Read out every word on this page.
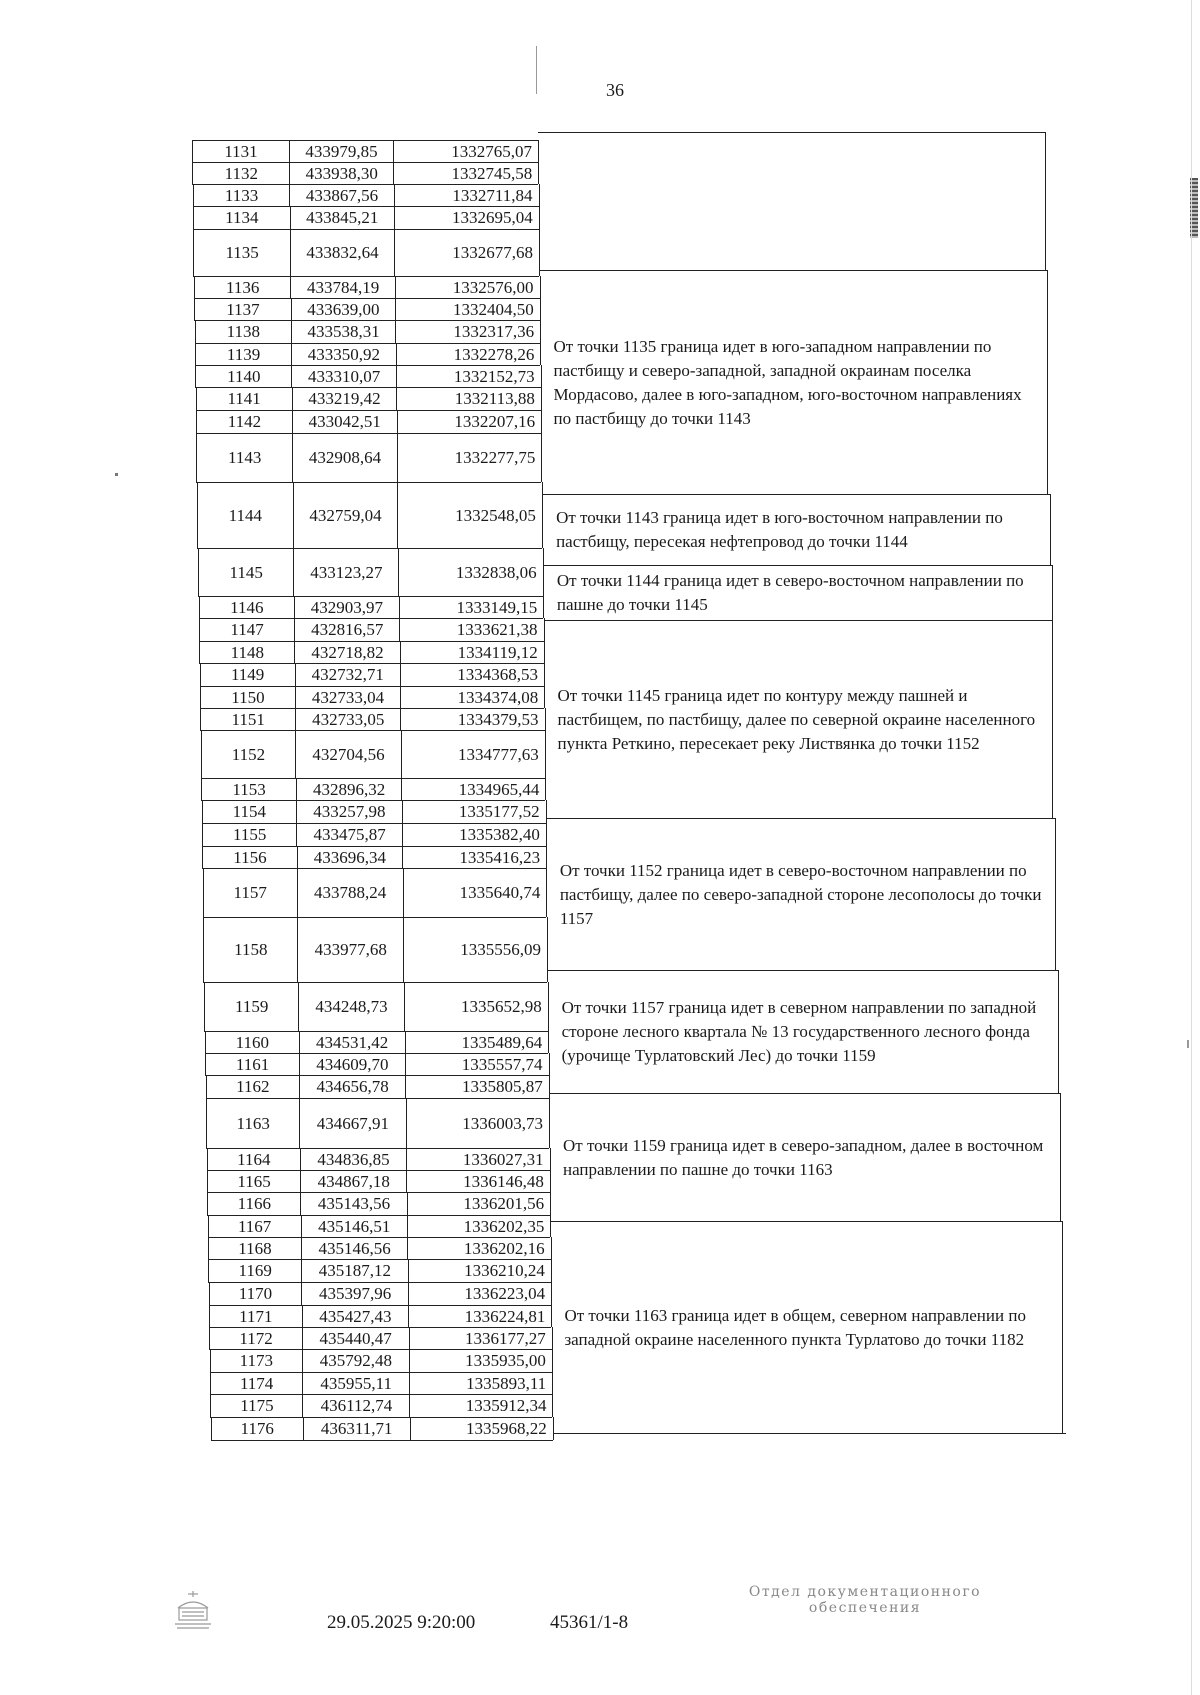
36
1131	433979,85	1332765,07
1132	433938,30	1332745,58
1133	433867,56	1332711,84
1134	433845,21	1332695,04
1135	433832,64	1332677,68
1136	433784,19	1332576,00
1137	433639,00	1332404,50
1138	433538,31	1332317,36
1139	433350,92	1332278,26
1140	433310,07	1332152,73
1141	433219,42	1332113,88
1142	433042,51	1332207,16
1143	432908,64	1332277,75
1144	432759,04	1332548,05
1145	433123,27	1332838,06
1146	432903,97	1333149,15
1147	432816,57	1333621,38
1148	432718,82	1334119,12
1149	432732,71	1334368,53
1150	432733,04	1334374,08
1151	432733,05	1334379,53
1152	432704,56	1334777,63
1153	432896,32	1334965,44
1154	433257,98	1335177,52
1155	433475,87	1335382,40
1156	433696,34	1335416,23
1157	433788,24	1335640,74
1158	433977,68	1335556,09
1159	434248,73	1335652,98
1160	434531,42	1335489,64
1161	434609,70	1335557,74
1162	434656,78	1335805,87
1163	434667,91	1336003,73
1164	434836,85	1336027,31
1165	434867,18	1336146,48
1166	435143,56	1336201,56
1167	435146,51	1336202,35
1168	435146,56	1336202,16
1169	435187,12	1336210,24
1170	435397,96	1336223,04
1171	435427,43	1336224,81
1172	435440,47	1336177,27
1173	435792,48	1335935,00
1174	435955,11	1335893,11
1175	436112,74	1335912,34
1176	436311,71	1335968,22
От точки 1135 граница идет в юго-западном направлении по пастбищу и северо-западной, западной окраинам поселка Мордасово, далее в юго-западном, юго-восточном направлениях по пастбищу до точки 1143
От точки 1143 граница идет в юго-восточном направлении по пастбищу, пересекая нефтепровод до точки 1144
От точки 1144 граница идет в северо-восточном направлении по пашне до точки 1145
От точки 1145 граница идет по контуру между пашней и пастбищем, по пастбищу, далее по северной окраине населенного пункта Реткино, пересекает реку Листвянка до точки 1152
От точки 1152 граница идет в северо-восточном направлении по пастбищу, далее по северо-западной стороне лесополосы до точки 1157
От точки 1157 граница идет в северном направлении по западной стороне лесного квартала № 13 государственного лесного фонда (урочище Турлатовский Лес) до точки 1159
От точки 1159 граница идет в северо-западном, далее в восточном направлении по пашне до точки 1163
От точки 1163 граница идет в общем, северном направлении по западной окраине населенного пункта Турлатово до точки 1182
29.05.2025 9:20:00	45361/1-8
Отдел документационного обеспечения
